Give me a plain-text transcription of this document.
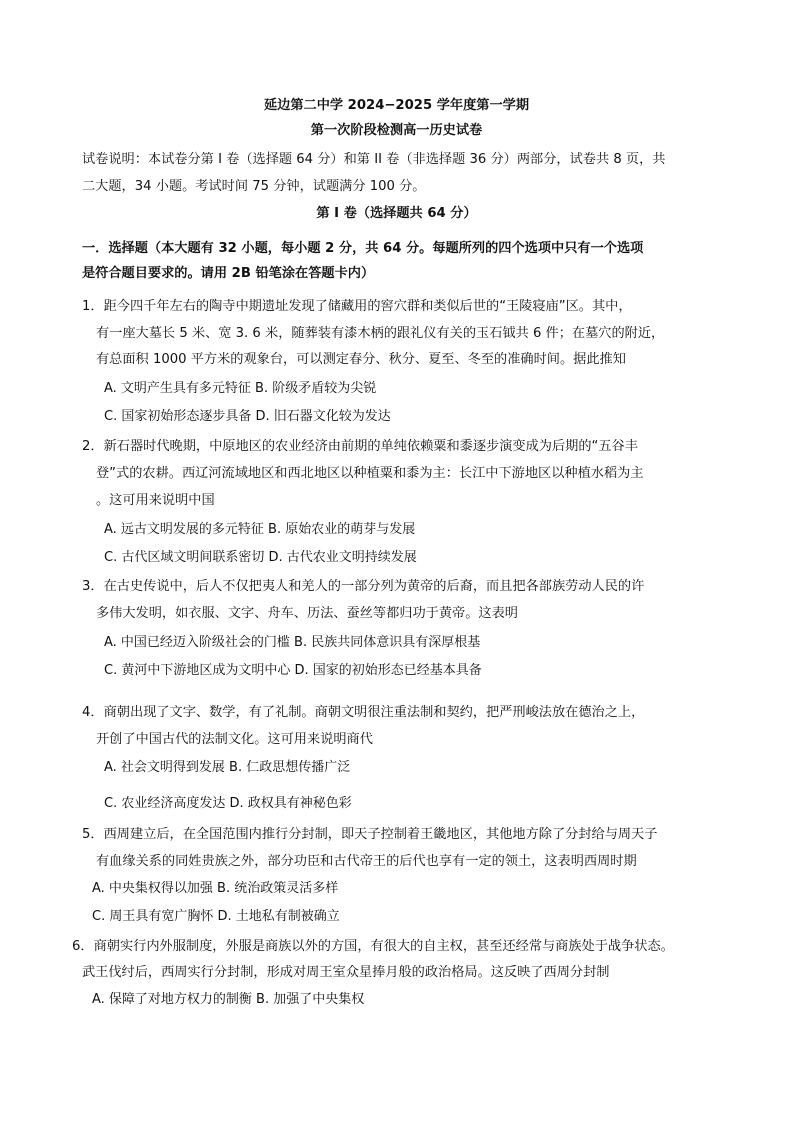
延边第二中学 2024−2025 学年度第一学期
第一次阶段检测高一历史试卷
试卷说明：本试卷分第 I 卷（选择题 64 分）和第 II 卷（非选择题 36 分）两部分，试卷共 8 页，共
二大题，34 小题。考试时间 75 分钟，试题满分 100 分。
第 I 卷（选择题共 64 分）
一．选择题（本大题有 32 小题，每小题 2 分，共 64 分。每题所列的四个选项中只有一个选项
是符合题目要求的。请用 2B 铅笔涂在答题卡内）
1．距今四千年左右的陶寺中期遗址发现了储藏用的窖穴群和类似后世的“王陵寝庙”区。其中，
有一座大墓长 5 米、宽 3. 6 米，随葬装有漆木柄的跟礼仪有关的玉石钺共 6 件；在墓穴的附近，
有总面积 1000 平方米的观象台，可以测定春分、秋分、夏至、冬至的准确时间。据此推知
A. 文明产生具有多元特征 B. 阶级矛盾较为尖锐
C. 国家初始形态逐步具备 D. 旧石器文化较为发达
2．新石器时代晚期，中原地区的农业经济由前期的单纯依赖粟和黍逐步演变成为后期的“五谷丰
登”式的农耕。西辽河流域地区和西北地区以种植粟和黍为主：长江中下游地区以种植水稻为主
。这可用来说明中国
A. 远古文明发展的多元特征 B. 原始农业的萌芽与发展
C. 古代区域文明间联系密切 D. 古代农业文明持续发展
3．在古史传说中，后人不仅把夷人和羌人的一部分列为黄帝的后裔，而且把各部族劳动人民的许
多伟大发明，如衣服、文字、舟车、历法、蚕丝等都归功于黄帝。这表明
A. 中国已经迈入阶级社会的门槛 B. 民族共同体意识具有深厚根基
C. 黄河中下游地区成为文明中心 D. 国家的初始形态已经基本具备
4．商朝出现了文字、数学，有了礼制。商朝文明很注重法制和契约，把严刑峻法放在德治之上，
开创了中国古代的法制文化。这可用来说明商代
A. 社会文明得到发展 B. 仁政思想传播广泛
C. 农业经济高度发达 D. 政权具有神秘色彩
5．西周建立后，在全国范围内推行分封制，即天子控制着王畿地区，其他地方除了分封给与周天子
有血缘关系的同姓贵族之外，部分功臣和古代帝王的后代也享有一定的领土，这表明西周时期
A. 中央集权得以加强 B. 统治政策灵活多样
C. 周王具有宽广胸怀 D. 土地私有制被确立
6．商朝实行内外服制度，外服是商族以外的方国，有很大的自主权，甚至还经常与商族处于战争状态。
武王伐纣后，西周实行分封制，形成对周王室众星捧月般的政治格局。这反映了西周分封制
A. 保障了对地方权力的制衡 B. 加强了中央集权
